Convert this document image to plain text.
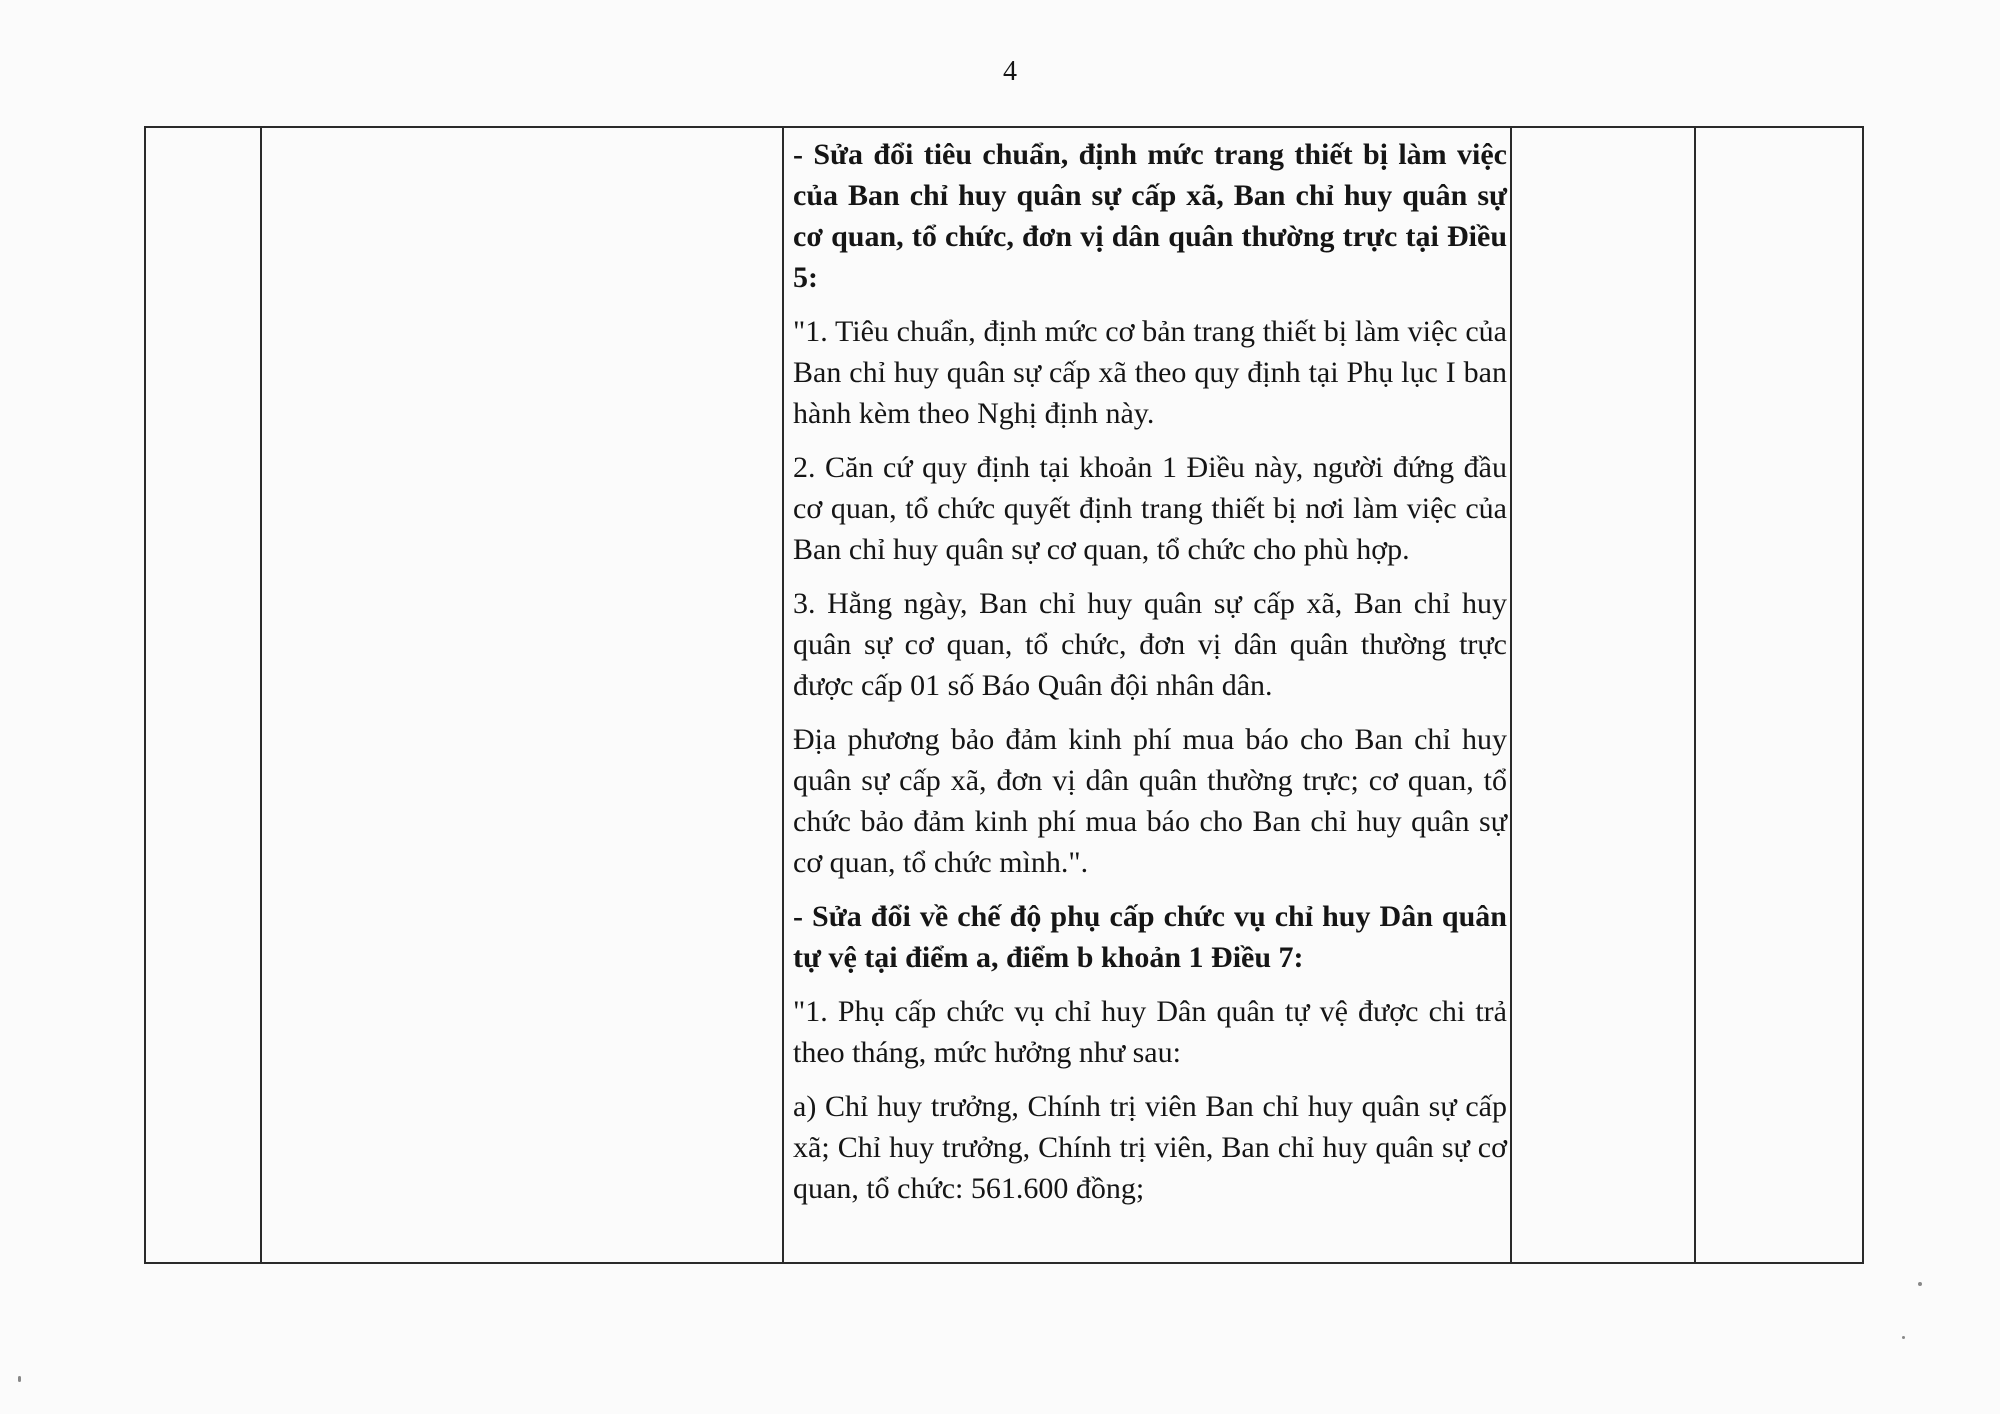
4

- Sửa đổi tiêu chuẩn, định mức trang thiết bị làm việc của Ban chỉ huy quân sự cấp xã, Ban chỉ huy quân sự cơ quan, tổ chức, đơn vị dân quân thường trực tại Điều 5:

"1. Tiêu chuẩn, định mức cơ bản trang thiết bị làm việc của Ban chỉ huy quân sự cấp xã theo quy định tại Phụ lục I ban hành kèm theo Nghị định này.

2. Căn cứ quy định tại khoản 1 Điều này, người đứng đầu cơ quan, tổ chức quyết định trang thiết bị nơi làm việc của Ban chỉ huy quân sự cơ quan, tổ chức cho phù hợp.

3. Hằng ngày, Ban chỉ huy quân sự cấp xã, Ban chỉ huy quân sự cơ quan, tổ chức, đơn vị dân quân thường trực được cấp 01 số Báo Quân đội nhân dân.

Địa phương bảo đảm kinh phí mua báo cho Ban chỉ huy quân sự cấp xã, đơn vị dân quân thường trực; cơ quan, tổ chức bảo đảm kinh phí mua báo cho Ban chỉ huy quân sự cơ quan, tổ chức mình.".

- Sửa đổi về chế độ phụ cấp chức vụ chỉ huy Dân quân tự vệ tại điểm a, điểm b khoản 1 Điều 7:

"1. Phụ cấp chức vụ chỉ huy Dân quân tự vệ được chi trả theo tháng, mức hưởng như sau:

a) Chỉ huy trưởng, Chính trị viên Ban chỉ huy quân sự cấp xã; Chỉ huy trưởng, Chính trị viên, Ban chỉ huy quân sự cơ quan, tổ chức: 561.600 đồng;
